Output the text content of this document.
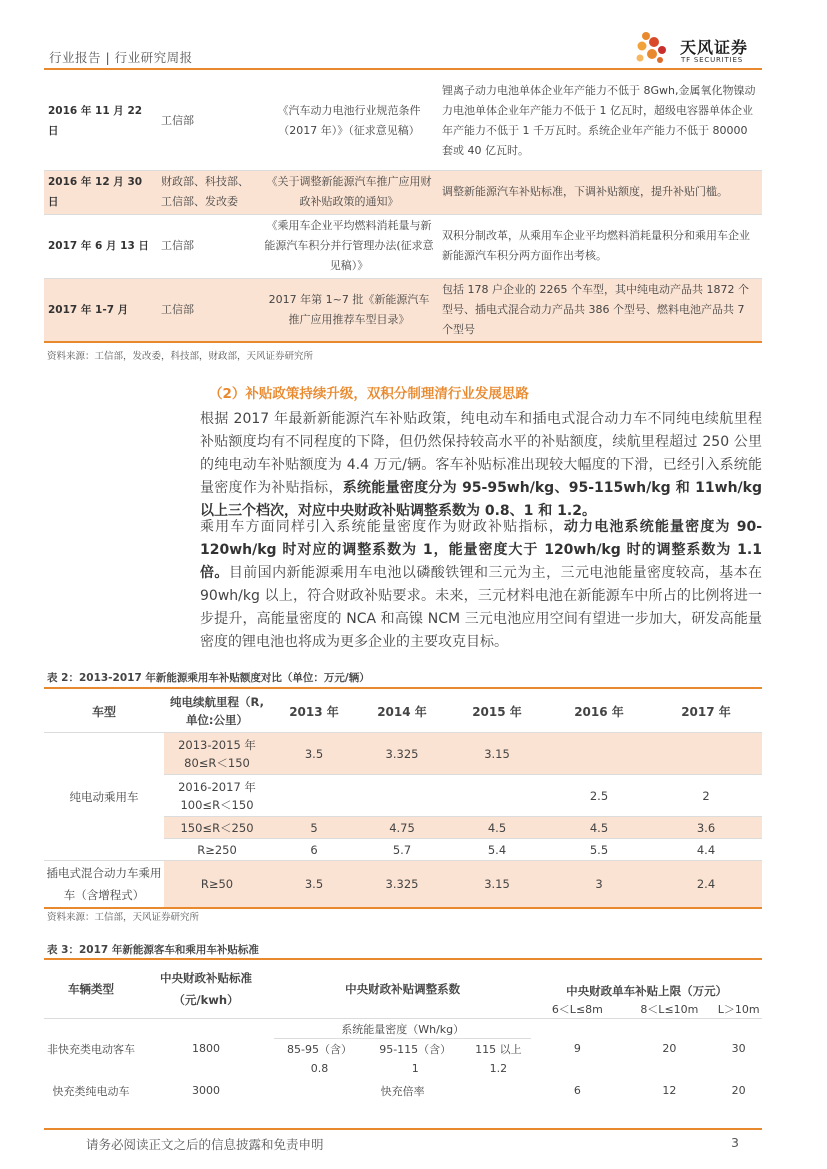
行业报告 | 行业研究周报
天风证券
TF SECURITIES
2016 年 11 月 22 日	工信部	《汽车动力电池行业规范条件（2017 年）》（征求意见稿）	锂离子动力电池单体企业年产能力不低于 8Gwh,金属氧化物镍动力电池单体企业年产能力不低于 1 亿瓦时，超级电容器单体企业年产能力不低于 1 千万瓦时。系统企业年产能力不低于 80000 套或 40 亿瓦时。
2016 年 12 月 30 日	财政部、科技部、工信部、发改委	《关于调整新能源汽车推广应用财政补贴政策的通知》	调整新能源汽车补贴标准，下调补贴额度，提升补贴门槛。
2017 年 6 月 13 日	工信部	《乘用车企业平均燃料消耗量与新能源汽车积分并行管理办法(征求意见稿）》	双积分制改革，从乘用车企业平均燃料消耗量积分和乘用车企业新能源汽车积分两方面作出考核。
2017 年 1-7 月	工信部	2017 年第 1~7 批《新能源汽车推广应用推荐车型目录》	包括 178 户企业的 2265 个车型，其中纯电动产品共 1872 个型号、插电式混合动力产品共 386 个型号、燃料电池产品共 7 个型号
资料来源：工信部，发改委，科技部，财政部，天风证券研究所
（2）补贴政策持续升级，双积分制理清行业发展思路
根据 2017 年最新新能源汽车补贴政策，纯电动车和插电式混合动力车不同纯电续航里程补贴额度均有不同程度的下降，但仍然保持较高水平的补贴额度，续航里程超过 250 公里的纯电动车补贴额度为 4.4 万元/辆。客车补贴标准出现较大幅度的下滑，已经引入系统能量密度作为补贴指标，系统能量密度分为 95-95wh/kg、95-115wh/kg 和 11wh/kg 以上三个档次，对应中央财政补贴调整系数为 0.8、1 和 1.2。
乘用车方面同样引入系统能量密度作为财政补贴指标，动力电池系统能量密度为 90-120wh/kg 时对应的调整系数为 1，能量密度大于 120wh/kg 时的调整系数为 1.1 倍。目前国内新能源乘用车电池以磷酸铁锂和三元为主，三元电池能量密度较高，基本在 90wh/kg 以上，符合财政补贴要求。未来，三元材料电池在新能源车中所占的比例将进一步提升，高能量密度的 NCA 和高镍 NCM 三元电池应用空间有望进一步加大，研发高能量密度的锂电池也将成为更多企业的主要攻克目标。
表 2：2013-2017 年新能源乘用车补贴额度对比（单位：万元/辆）
车型	纯电续航里程（R,单位:公里）	2013 年	2014 年	2015 年	2016 年	2017 年
纯电动乘用车	2013-2015 年 80≤R＜150	3.5	3.325	3.15		
	2016-2017 年 100≤R＜150				2.5	2
	150≤R＜250	5	4.75	4.5	4.5	3.6
	R≥250	6	5.7	5.4	5.5	4.4
插电式混合动力车乘用车（含增程式）	R≥50	3.5	3.325	3.15	3	2.4
资料来源：工信部，天风证券研究所
表 3：2017 年新能源客车和乘用车补贴标准
车辆类型	中央财政补贴标准（元/kwh）	中央财政补贴调整系数			中央财政单车补贴上限（万元）		
					6＜L≤8m	8＜L≤10m	L＞10m
非快充类电动客车	1800	系统能量密度（Wh/kg）			9	20	30
		85-95（含）	95-115（含）	115 以上			
		0.8	1	1.2			
快充类纯电动车	3000	快充倍率			6	12	20
请务必阅读正文之后的信息披露和免责申明	3
